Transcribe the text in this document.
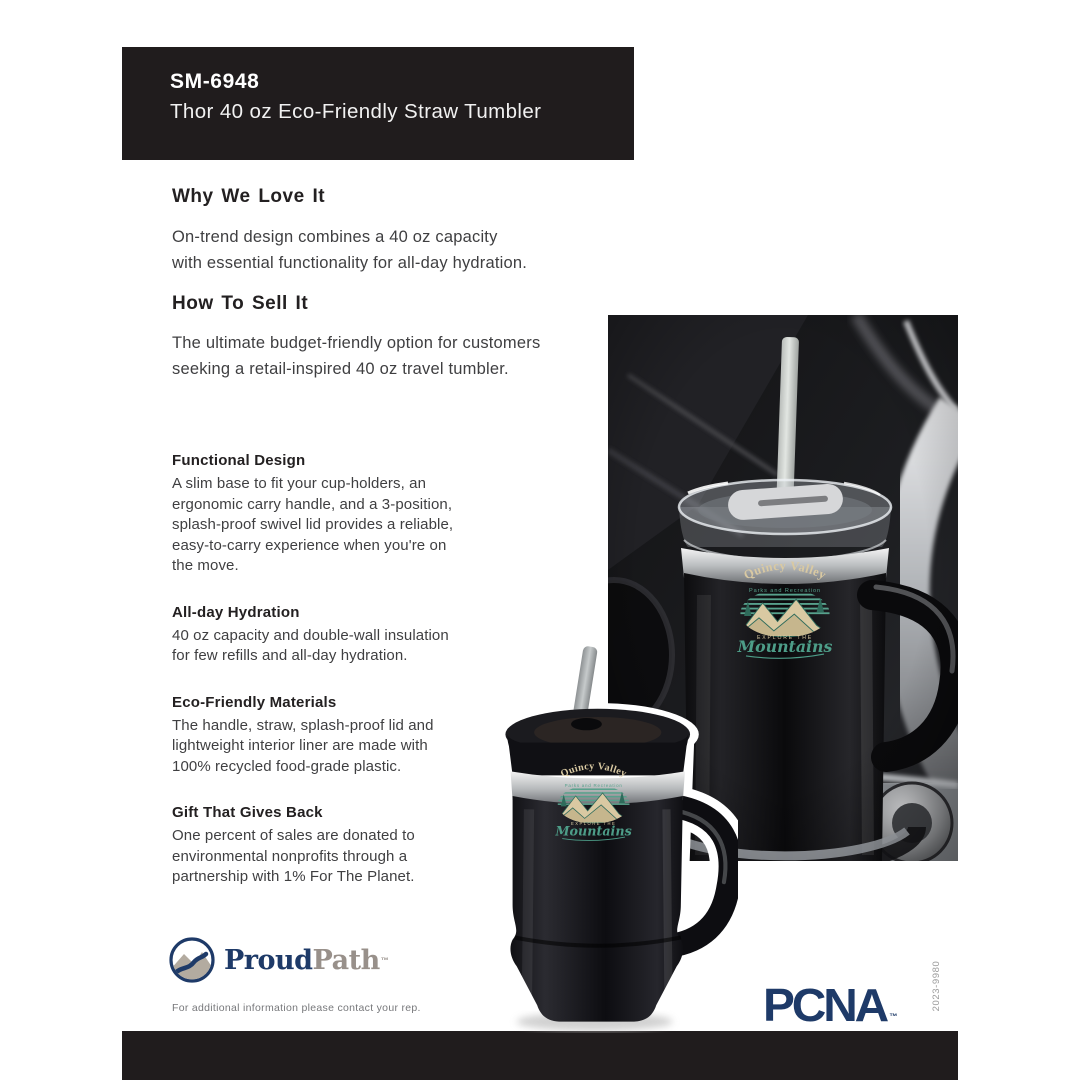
SM-6948
Thor 40 oz Eco-Friendly Straw Tumbler
Why We Love It
On-trend design combines a 40 oz capacity
with essential functionality for all-day hydration.
How To Sell It
The ultimate budget-friendly option for customers
seeking a retail-inspired 40 oz travel tumbler.
Functional Design
A slim base to fit your cup-holders, an ergonomic carry handle, and a 3-position, splash-proof swivel lid provides a reliable, easy-to-carry experience when you're on the move.
All-day Hydration
40 oz capacity and double-wall insulation for few refills and all-day hydration.
Eco-Friendly Materials
The handle, straw, splash-proof lid and lightweight interior liner are made with 100% recycled food-grade plastic.
Gift That Gives Back
One percent of sales are donated to environmental nonprofits through a partnership with 1% For The Planet.
ProudPath™
For additional information please contact your rep.	PCNA ™
2023-9980
